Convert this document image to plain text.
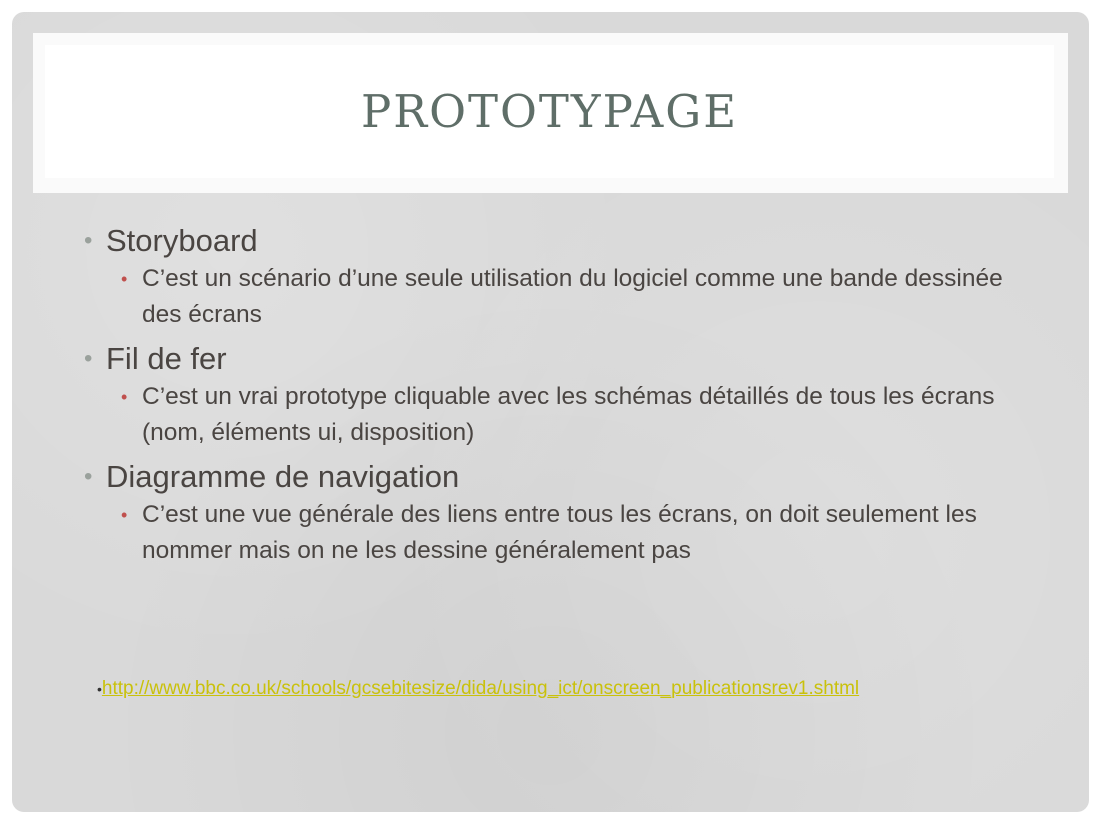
PROTOTYPAGE
• Storyboard
• C’est un scénario d’une seule utilisation du logiciel comme une bande dessinée des écrans
• Fil de fer
• C’est un vrai prototype cliquable avec les schémas détaillés de tous les écrans (nom, éléments ui, disposition)
• Diagramme de navigation
• C’est une vue générale des liens entre tous les écrans, on doit seulement les nommer mais on ne les dessine généralement pas
•http://www.bbc.co.uk/schools/gcsebitesize/dida/using_ict/onscreen_publicationsrev1.shtml
